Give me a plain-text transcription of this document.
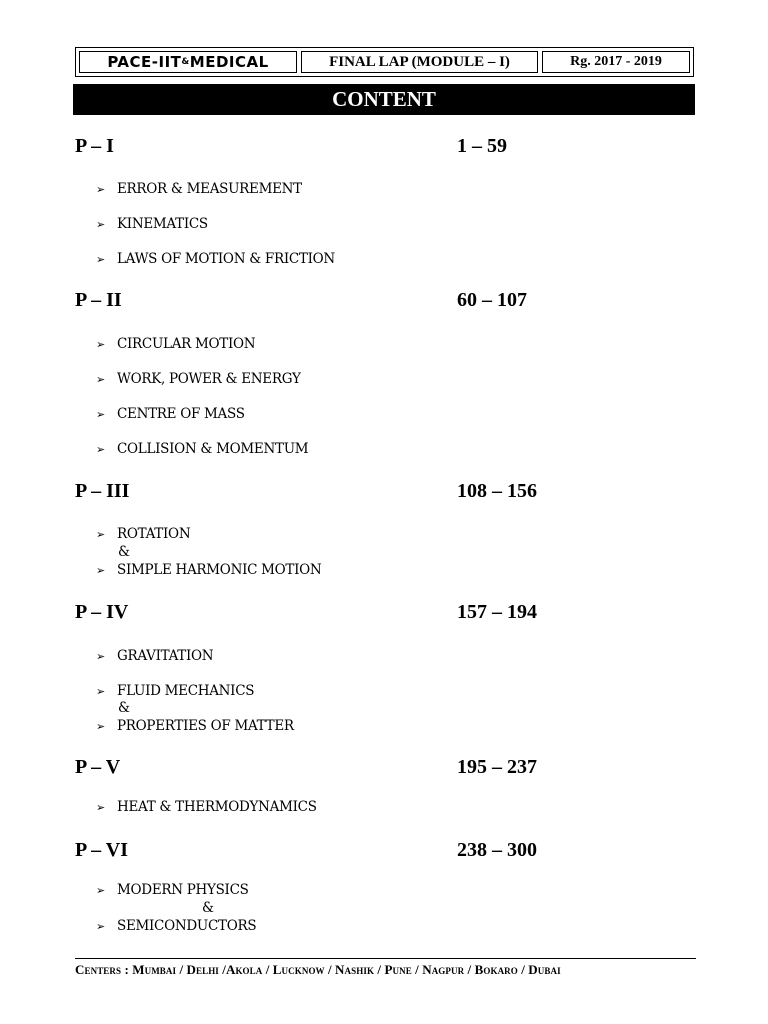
PACE-IIT & MEDICAL	FINAL LAP (MODULE – I)	Rg. 2017 - 2019
CONTENT
P – I	1 – 59
➢ ERROR & MEASUREMENT
➢ KINEMATICS
➢ LAWS OF MOTION & FRICTION
P – II	60 – 107
➢ CIRCULAR MOTION
➢ WORK, POWER & ENERGY
➢ CENTRE OF MASS
➢ COLLISION & MOMENTUM
P – III	108 – 156
➢ ROTATION
&
➢ SIMPLE HARMONIC MOTION
P – IV	157 – 194
➢ GRAVITATION
➢ FLUID MECHANICS
&
➢ PROPERTIES OF MATTER
P – V	195 – 237
➢ HEAT & THERMODYNAMICS
P – VI	238 – 300
➢ MODERN PHYSICS
&
➢ SEMICONDUCTORS
Centers : Mumbai / Delhi /Akola / Lucknow / Nashik / Pune / Nagpur / Bokaro / Dubai
